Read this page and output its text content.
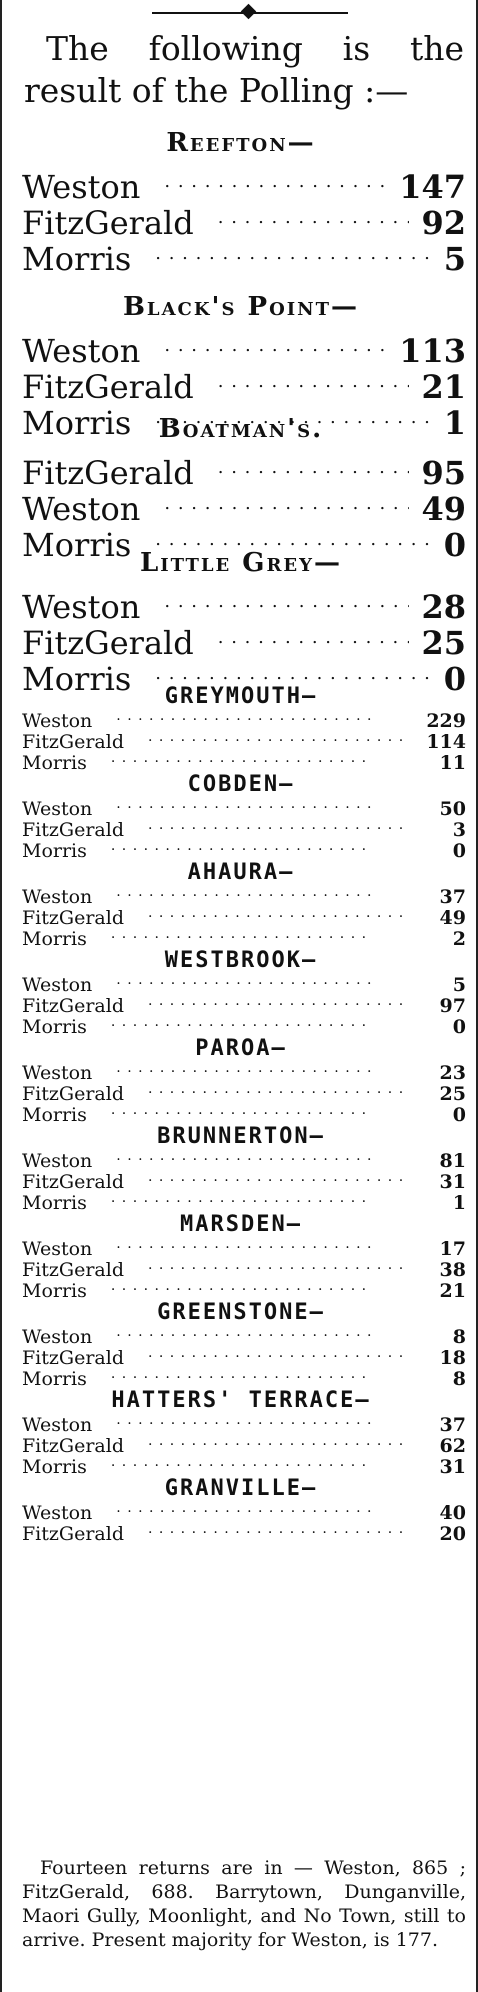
The following is the result of the Polling :—

Reefton—
Weston	147
FitzGerald	92
Morris	5
Black's Point—
Weston	113
FitzGerald	21
Morris	1
Boatman's.
FitzGerald	95
Weston	49
Morris	0
Little Grey—
Weston	28
FitzGerald	25
Morris	0
GREYMOUTH—
Weston	229
FitzGerald	114
Morris	11
COBDEN—
Weston	50
FitzGerald	3
Morris	0
AHAURA—
Weston	37
FitzGerald	49
Morris	2
WESTBROOK—
Weston	5
FitzGerald	97
Morris	0
PAROA—
Weston	23
FitzGerald	25
Morris	0
BRUNNERTON—
Weston	81
FitzGerald	31
Morris	1
MARSDEN—
Weston	17
FitzGerald	38
Morris	21
GREENSTONE—
Weston	8
FitzGerald	18
Morris	8
HATTERS' TERRACE—
Weston	37
FitzGerald	62
Morris	31
GRANVILLE—
Weston	40
FitzGerald	20

Fourteen returns are in — Weston, 865 ; FitzGerald, 688. Barrytown, Dunganville, Maori Gully, Moonlight, and No Town, still to arrive. Present majority for Weston, is 177.
